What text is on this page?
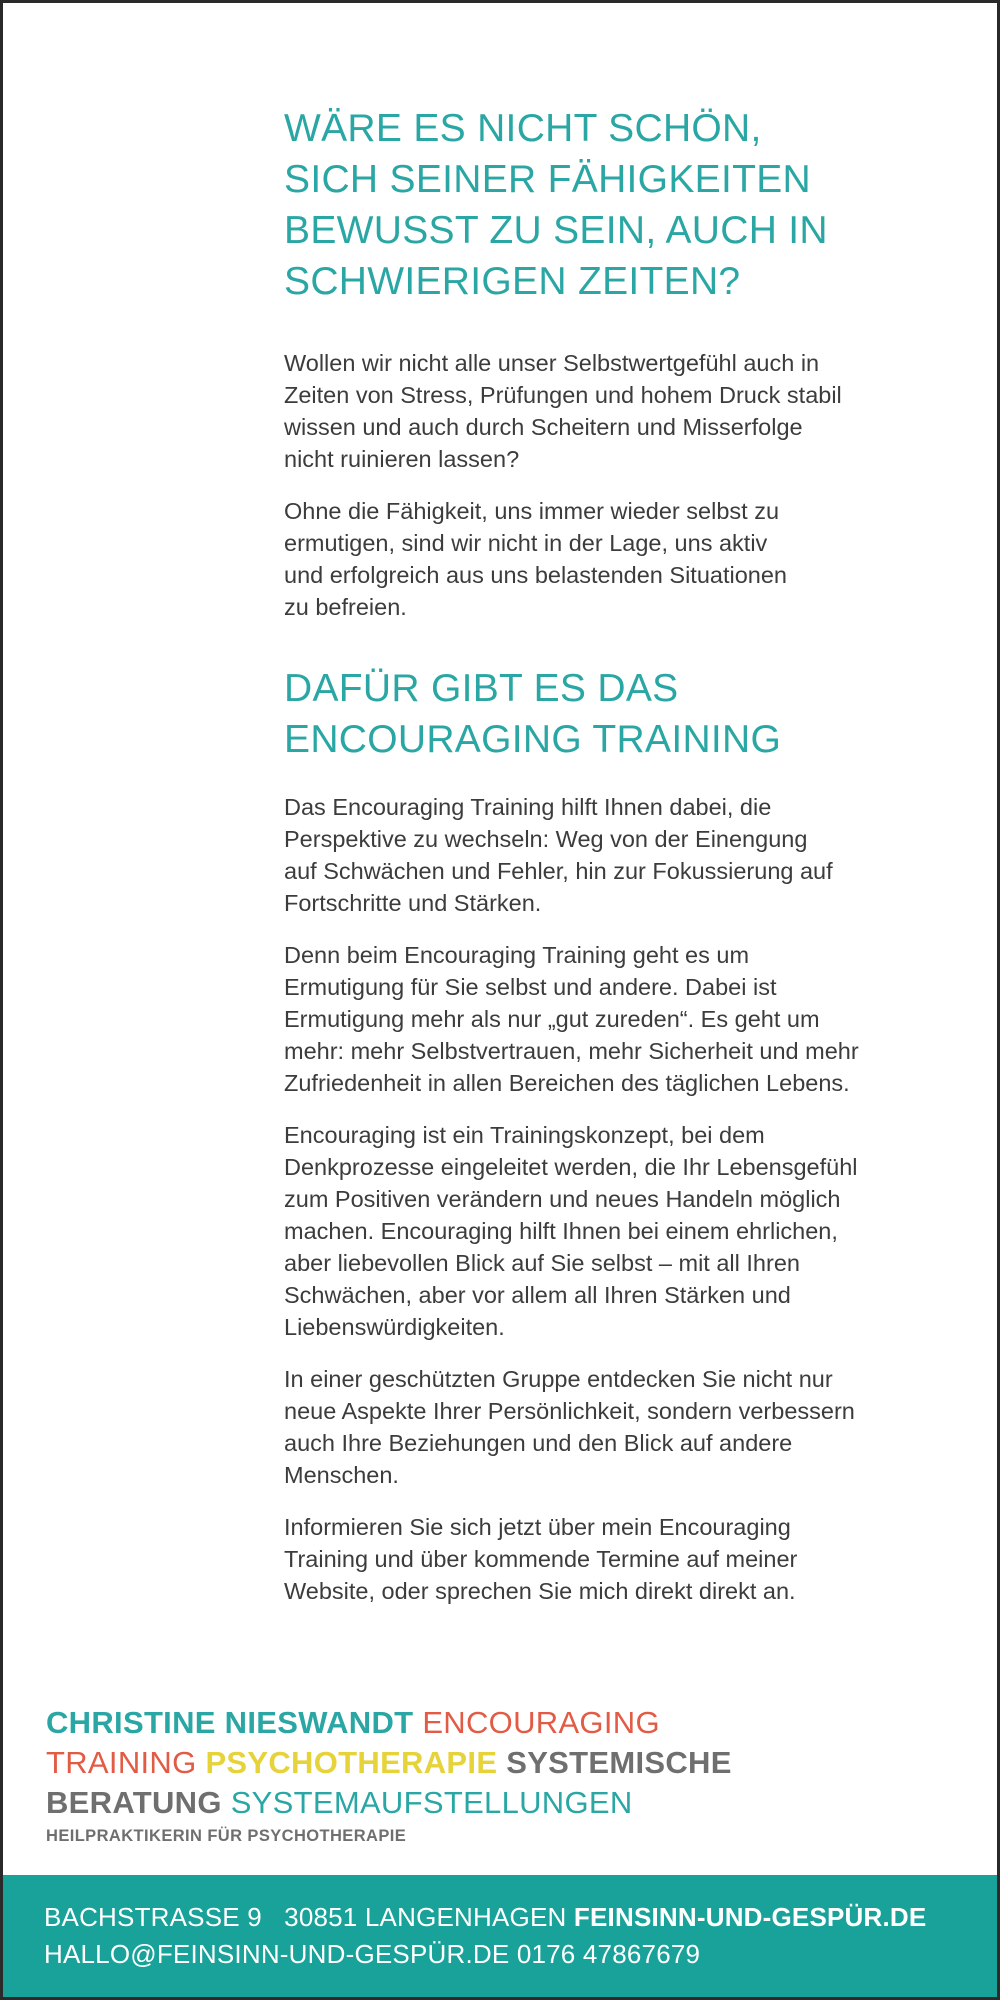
WÄRE ES NICHT SCHÖN,
SICH SEINER FÄHIGKEITEN
BEWUSST ZU SEIN, AUCH IN
SCHWIERIGEN ZEITEN?

Wollen wir nicht alle unser Selbstwertgefühl auch in
Zeiten von Stress, Prüfungen und hohem Druck stabil
wissen und auch durch Scheitern und Misserfolge
nicht ruinieren lassen?

Ohne die Fähigkeit, uns immer wieder selbst zu
ermutigen, sind wir nicht in der Lage, uns aktiv
und erfolgreich aus uns belastenden Situationen
zu befreien.

DAFÜR GIBT ES DAS
ENCOURAGING TRAINING

Das Encouraging Training hilft Ihnen dabei, die
Perspektive zu wechseln: Weg von der Einengung
auf Schwächen und Fehler, hin zur Fokussierung auf
Fortschritte und Stärken.

Denn beim Encouraging Training geht es um
Ermutigung für Sie selbst und andere. Dabei ist
Ermutigung mehr als nur „gut zureden“. Es geht um
mehr: mehr Selbstvertrauen, mehr Sicherheit und mehr
Zufriedenheit in allen Bereichen des täglichen Lebens.

Encouraging ist ein Trainingskonzept, bei dem
Denkprozesse eingeleitet werden, die Ihr Lebensgefühl
zum Positiven verändern und neues Handeln möglich
machen. Encouraging hilft Ihnen bei einem ehrlichen,
aber liebevollen Blick auf Sie selbst – mit all Ihren
Schwächen, aber vor allem all Ihren Stärken und
Liebenswürdigkeiten.

In einer geschützten Gruppe entdecken Sie nicht nur
neue Aspekte Ihrer Persönlichkeit, sondern verbessern
auch Ihre Beziehungen und den Blick auf andere
Menschen.

Informieren Sie sich jetzt über mein Encouraging
Training und über kommende Termine auf meiner
Website, oder sprechen Sie mich direkt direkt an.

CHRISTINE NIESWANDT ENCOURAGING
TRAINING PSYCHOTHERAPIE SYSTEMISCHE
BERATUNG SYSTEMAUFSTELLUNGEN
HEILPRAKTIKERIN FÜR PSYCHOTHERAPIE
BACHSTRASSE 9 30851 LANGENHAGEN FEINSINN-UND-GESPÜR.DE
HALLO@FEINSINN-UND-GESPÜR.DE 0176 47867679
